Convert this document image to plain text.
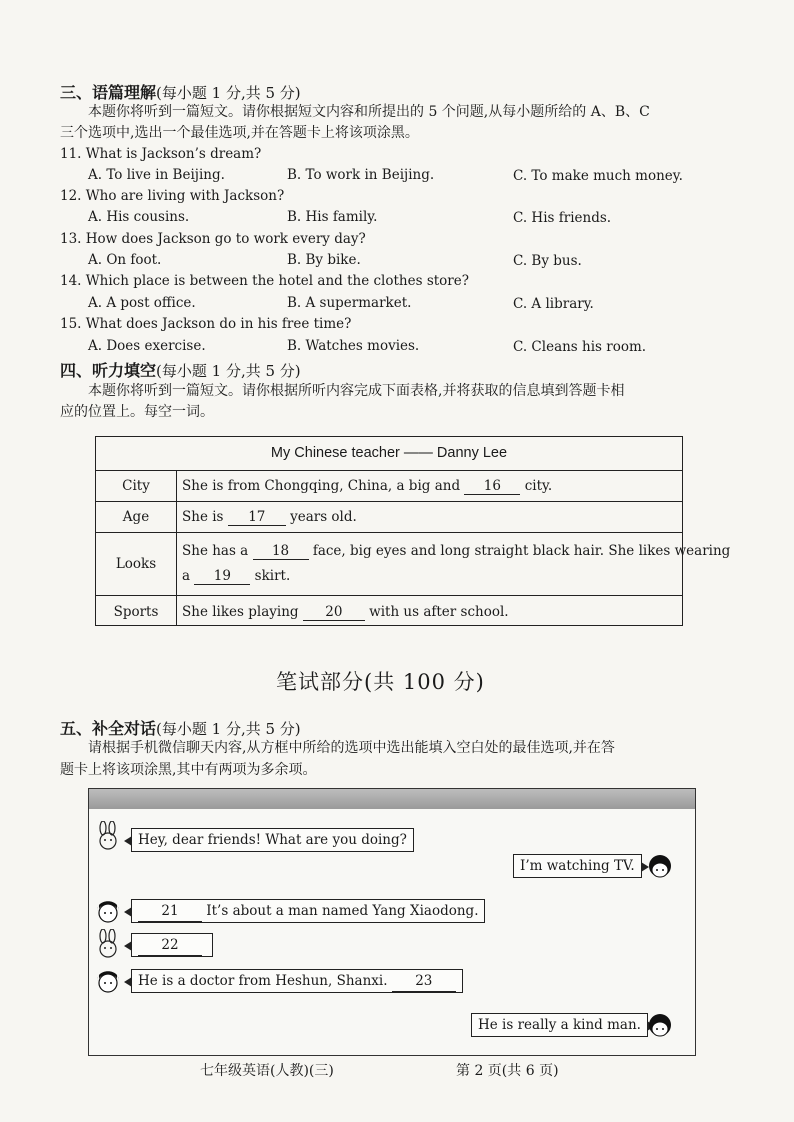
三、语篇理解(每小题 1 分,共 5 分)
本题你将听到一篇短文。请你根据短文内容和所提出的 5 个问题,从每小题所给的 A、B、C
三个选项中,选出一个最佳选项,并在答题卡上将该项涂黑。
11. What is Jackson’s dream?
A. To live in Beijing.	B. To work in Beijing.	C. To make much money.
12. Who are living with Jackson?
A. His cousins.	B. His family.	C. His friends.
13. How does Jackson go to work every day?
A. On foot.	B. By bike.	C. By bus.
14. Which place is between the hotel and the clothes store?
A. A post office.	B. A supermarket.	C. A library.
15. What does Jackson do in his free time?
A. Does exercise.	B. Watches movies.	C. Cleans his room.
四、听力填空(每小题 1 分,共 5 分)
本题你将听到一篇短文。请你根据所听内容完成下面表格,并将获取的信息填到答题卡相
应的位置上。每空一词。
My Chinese teacher —— Danny Lee
City	She is from Chongqing, China, a big and 16 city.
Age	She is 17 years old.
Looks
She has a 18 face, big eyes and long straight black hair. She likes wearing
a 19 skirt.
Sports	She likes playing 20 with us after school.
笔试部分(共 100 分)
五、补全对话(每小题 1 分,共 5 分)
请根据手机微信聊天内容,从方框中所给的选项中选出能填入空白处的最佳选项,并在答
题卡上将该项涂黑,其中有两项为多余项。
Hey, dear friends! What are you doing?
I’m watching TV.
21 It’s about a man named Yang Xiaodong.
22
He is a doctor from Heshun, Shanxi. 23
He is really a kind man.
七年级英语(人教)(三)	第 2 页(共 6 页)
